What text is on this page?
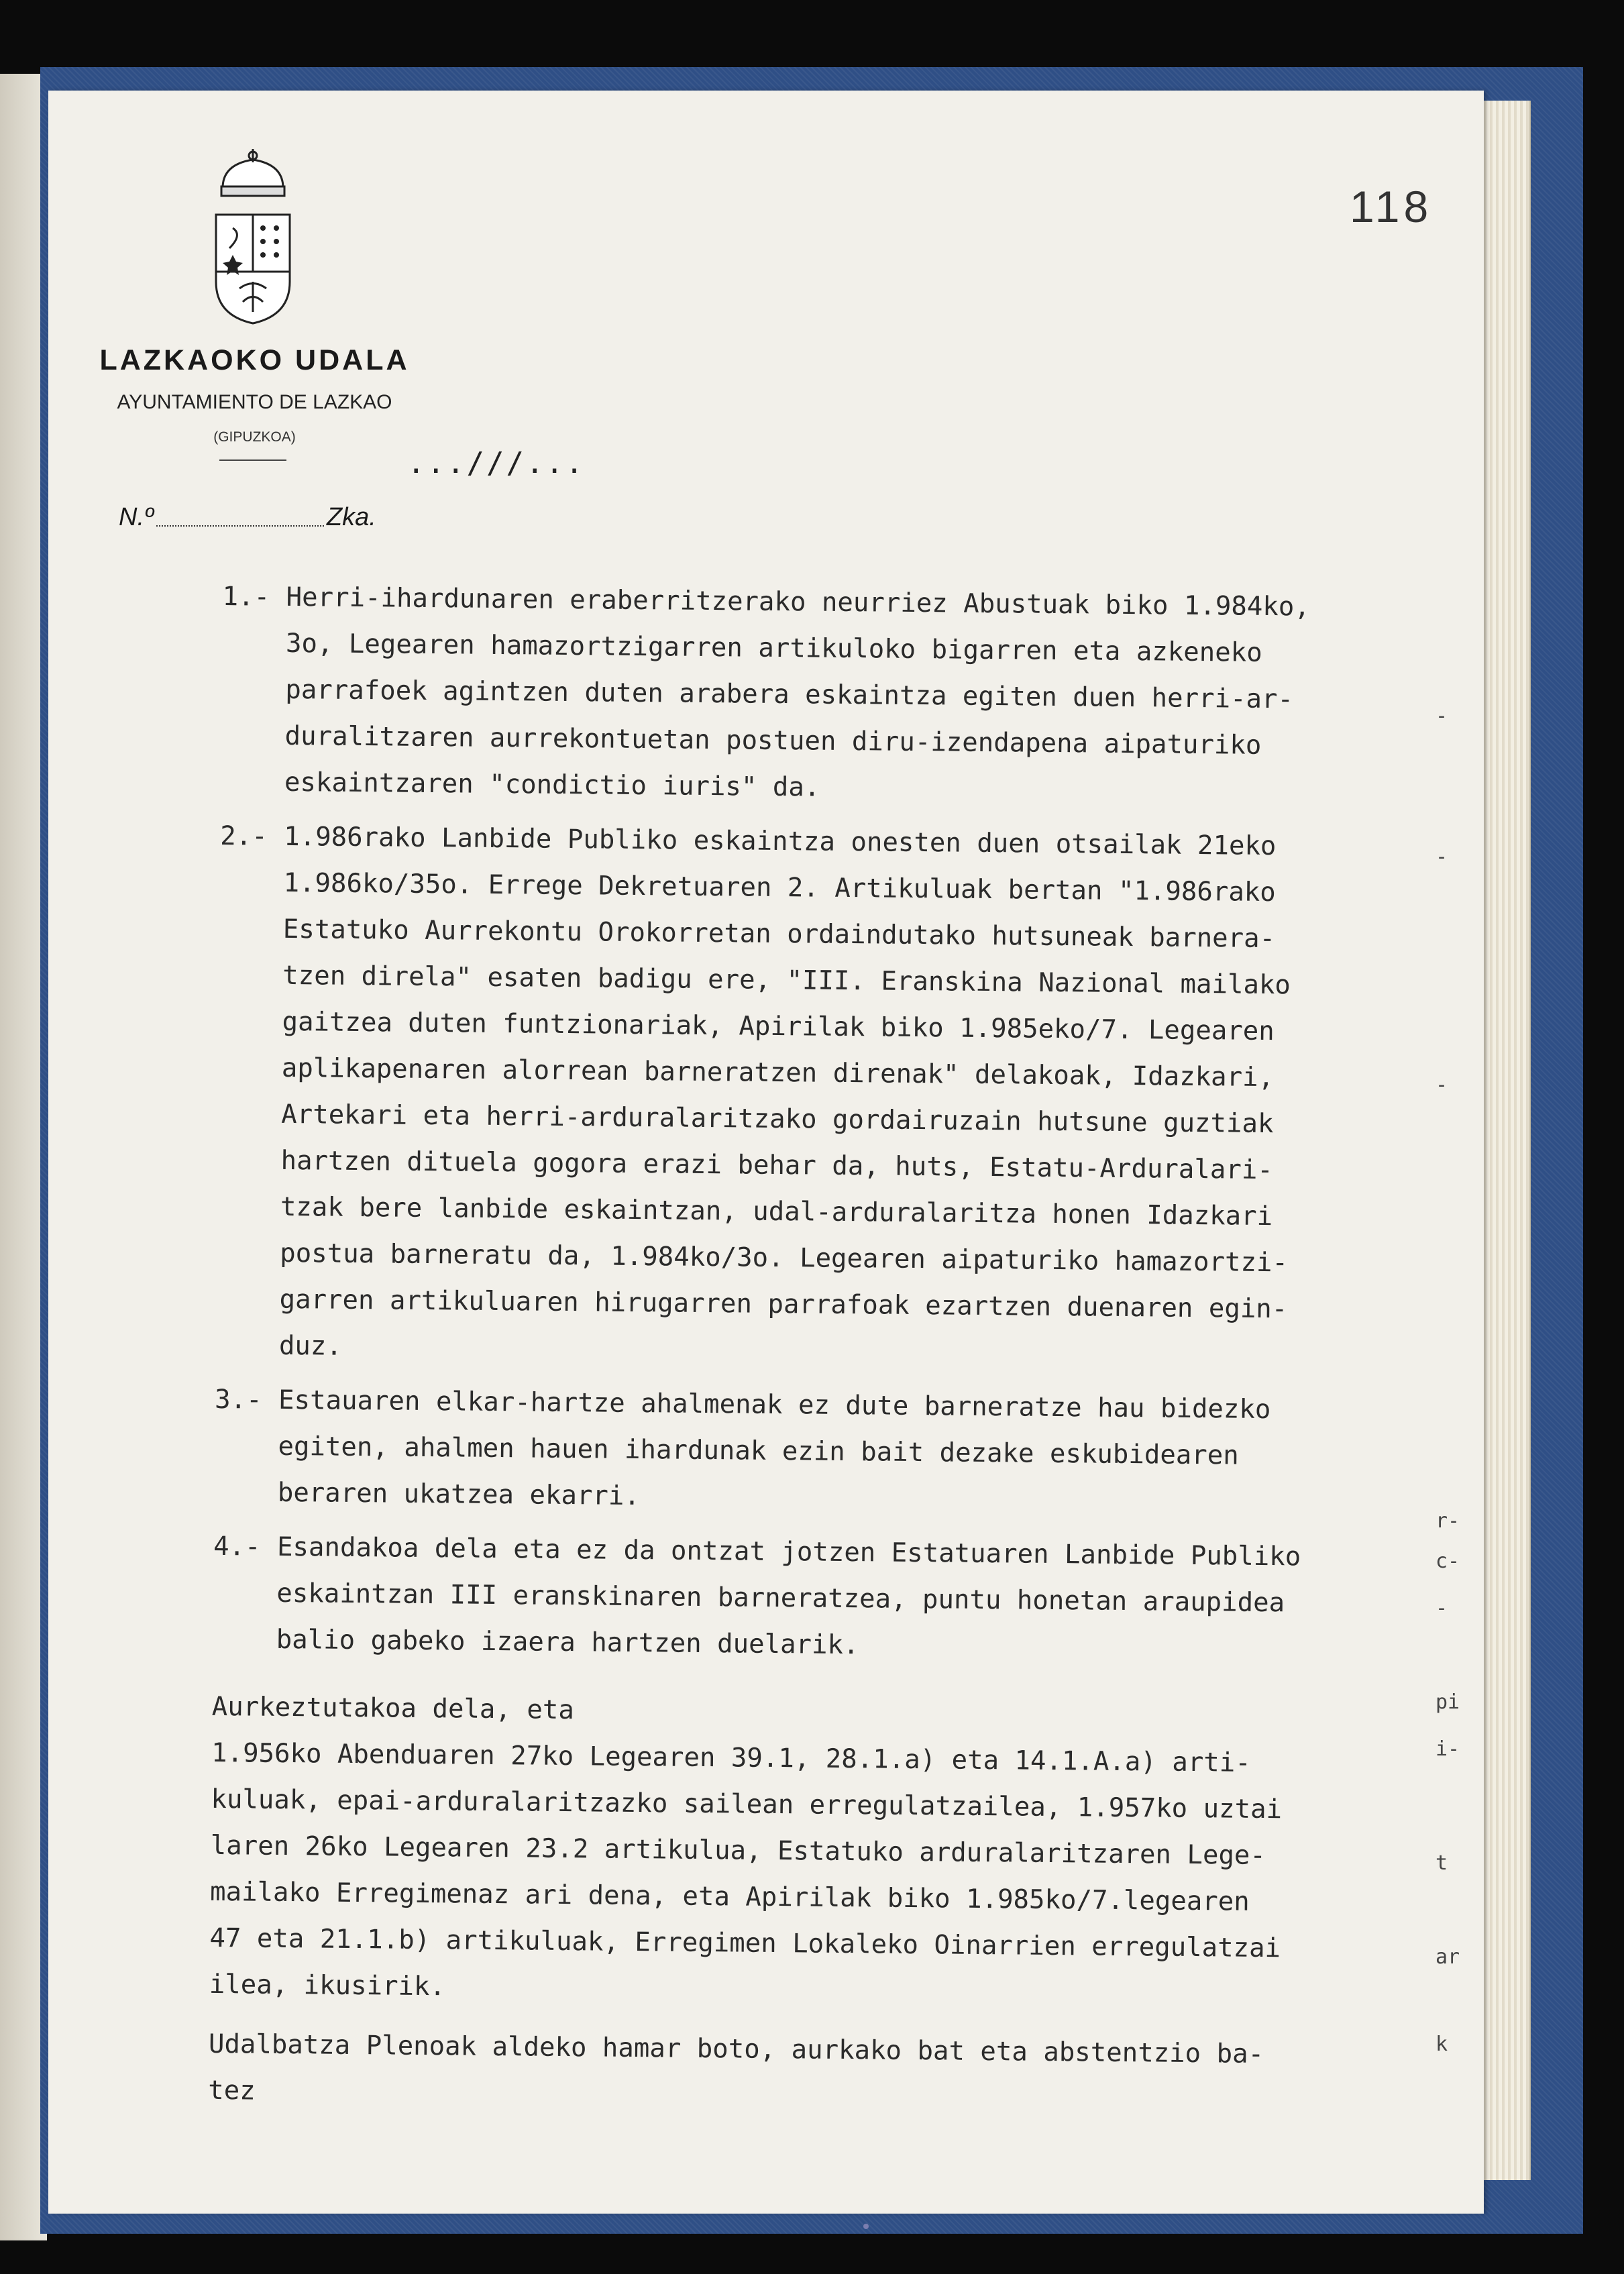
LAZKAOKO UDALA
AYUNTAMIENTO DE LAZKAO
(GIPUZKOA)
118
...///...
N.º	Zka.
1.- Herri-ihardunaren eraberritzerako neurriez Abustuak biko 1.984ko,
3o, Legearen hamazortzigarren artikuloko bigarren eta azkeneko
parrafoek agintzen duten arabera eskaintza egiten duen herri-ar-
duralitzaren aurrekontuetan postuen diru-izendapena aipaturiko
eskaintzaren "condictio iuris" da.
2.- 1.986rako Lanbide Publiko eskaintza onesten duen otsailak 21eko
1.986ko/35o. Errege Dekretuaren 2. Artikuluak bertan "1.986rako
Estatuko Aurrekontu Orokorretan ordaindutako hutsuneak barnera-
tzen direla" esaten badigu ere, "III. Eranskina Nazional mailako
gaitzea duten funtzionariak, Apirilak biko 1.985eko/7. Legearen
aplikapenaren alorrean barneratzen direnak" delakoak, Idazkari,
Artekari eta herri-arduralaritzako gordairuzain hutsune guztiak
hartzen dituela gogora erazi behar da, huts, Estatu-Arduralari-
tzak bere lanbide eskaintzan, udal-arduralaritza honen Idazkari
postua barneratu da, 1.984ko/3o. Legearen aipaturiko hamazortzi-
garren artikuluaren hirugarren parrafoak ezartzen duenaren egin-
duz.
3.- Estauaren elkar-hartze ahalmenak ez dute barneratze hau bidezko
egiten, ahalmen hauen ihardunak ezin bait dezake eskubidearen
beraren ukatzea ekarri.
4.- Esandakoa dela eta ez da ontzat jotzen Estatuaren Lanbide Publiko
eskaintzan III eranskinaren barneratzea, puntu honetan araupidea
balio gabeko izaera hartzen duelarik.
Aurkeztutakoa dela, eta
1.956ko Abenduaren 27ko Legearen 39.1, 28.1.a) eta 14.1.A.a) arti-
kuluak, epai-arduralaritzazko sailean erregulatzailea, 1.957ko uztai
laren 26ko Legearen 23.2 artikulua, Estatuko arduralaritzaren Lege-
mailako Erregimenaz ari dena, eta Apirilak biko 1.985ko/7.legearen
47 eta 21.1.b) artikuluak, Erregimen Lokaleko Oinarrien erregulatzai
ilea, ikusirik.
Udalbatza Plenoak aldeko hamar boto, aurkako bat eta abstentzio ba-
tez
-
-
-
r-
c-
-
pi
i-
t
ar
k
